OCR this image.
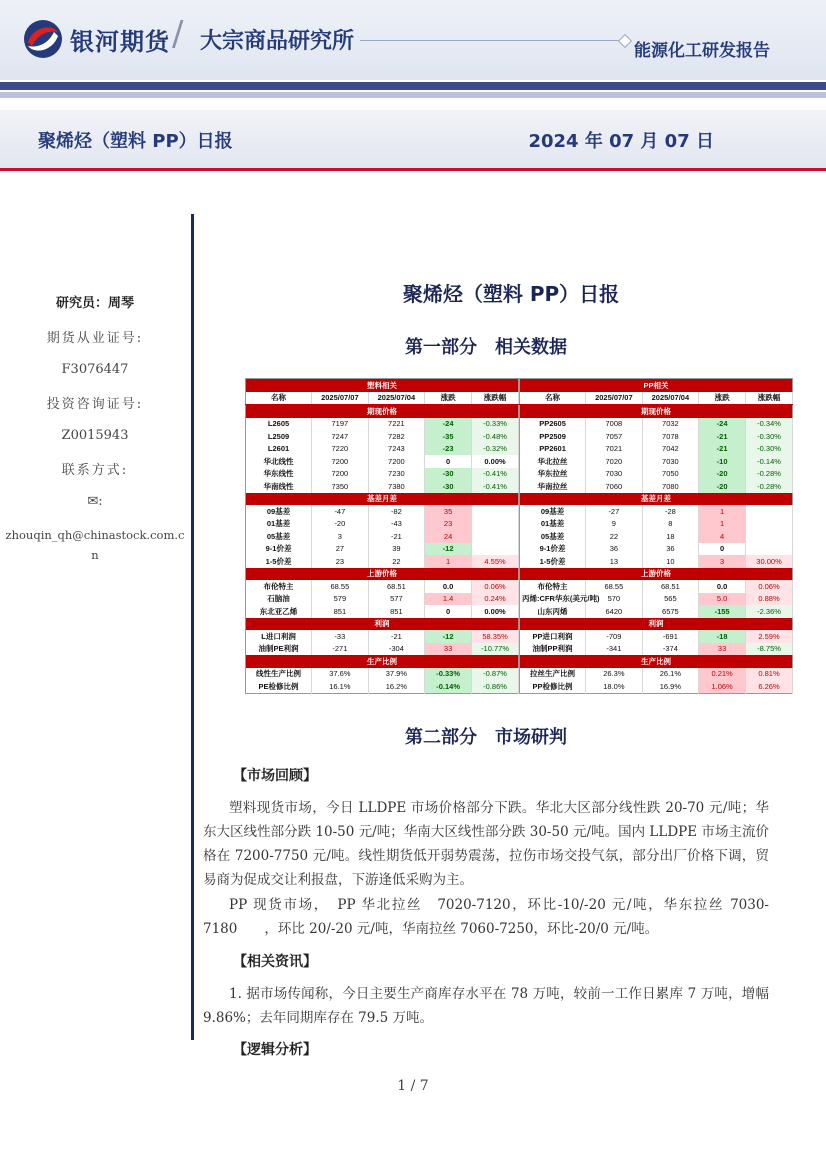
银河期货 / 大宗商品研究所	能源化工研发报告
聚烯烃（塑料 PP）日报	2024 年 07 月 07 日
研究员：周琴
期货从业证号:
F3076447
投资咨询证号:
Z0015943
联系方式:
✉:
zhouqin_qh@chinastock.com.cn
聚烯烃（塑料 PP）日报
第一部分　相关数据
塑料相关				
名称	2025/07/07	2025/07/04	涨跌	涨跌幅
期现价格				
L2605	7197	7221	-24	-0.33%
L2509	7247	7282	-35	-0.48%
L2601	7220	7243	-23	-0.32%
华北线性	7200	7200	0	0.00%
华东线性	7200	7230	-30	-0.41%
华南线性	7350	7380	-30	-0.41%
基差月差				
09基差	-47	-82	35	
01基差	-20	-43	23	
05基差	3	-21	24	
9-1价差	27	39	-12	
1-5价差	23	22	1	4.55%
上游价格				
布伦特主	68.55	68.51	0.0	0.06%
石脑油	579	577	1.4	0.24%
东北亚乙烯	851	851	0	0.00%
利润				
L进口利润	-33	-21	-12	58.35%
油制PE利润	-271	-304	33	-10.77%
生产比例				
线性生产比例	37.6%	37.9%	-0.33%	-0.87%
PE检修比例	16.1%	16.2%	-0.14%	-0.86%
PP相关				
名称	2025/07/07	2025/07/04	涨跌	涨跌幅
期现价格				
PP2605	7008	7032	-24	-0.34%
PP2509	7057	7078	-21	-0.30%
PP2601	7021	7042	-21	-0.30%
华北拉丝	7020	7030	-10	-0.14%
华东拉丝	7030	7050	-20	-0.28%
华南拉丝	7060	7080	-20	-0.28%
基差月差				
09基差	-27	-28	1	
01基差	9	8	1	
05基差	22	18	4	
9-1价差	36	36	0	
1-5价差	13	10	3	30.00%
上游价格				
布伦特主	68.55	68.51	0.0	0.06%
丙烯:CFR华东(美元/吨)	570	565	5.0	0.88%
山东丙烯	6420	6575	-155	-2.36%
利润				
PP进口利润	-709	-691	-18	2.59%
油制PP利润	-341	-374	33	-8.75%
生产比例				
拉丝生产比例	26.3%	26.1%	0.21%	0.81%
PP检修比例	18.0%	16.9%	1.06%	6.26%
第二部分　市场研判
【市场回顾】
塑料现货市场，今日 LLDPE 市场价格部分下跌。华北大区部分线性跌 20-70 元/吨；华东大区线性部分跌 10-50 元/吨；华南大区线性部分跌 30-50 元/吨。国内 LLDPE 市场主流价格在 7200-7750 元/吨。线性期货低开弱势震荡，拉伤市场交投气氛，部分出厂价格下调，贸易商为促成交让利报盘，下游逢低采购为主。
PP 现货市场，　PP 华北拉丝　7020-7120，环比-10/-20 元/吨，华东拉丝 7030-7180　　，环比 20/-20 元/吨，华南拉丝 7060-7250，环比-20/0 元/吨。
【相关资讯】
1. 据市场传闻称，今日主要生产商库存水平在 78 万吨，较前一工作日累库 7 万吨，增幅 9.86%；去年同期库存在 79.5 万吨。
【逻辑分析】
1 / 7
